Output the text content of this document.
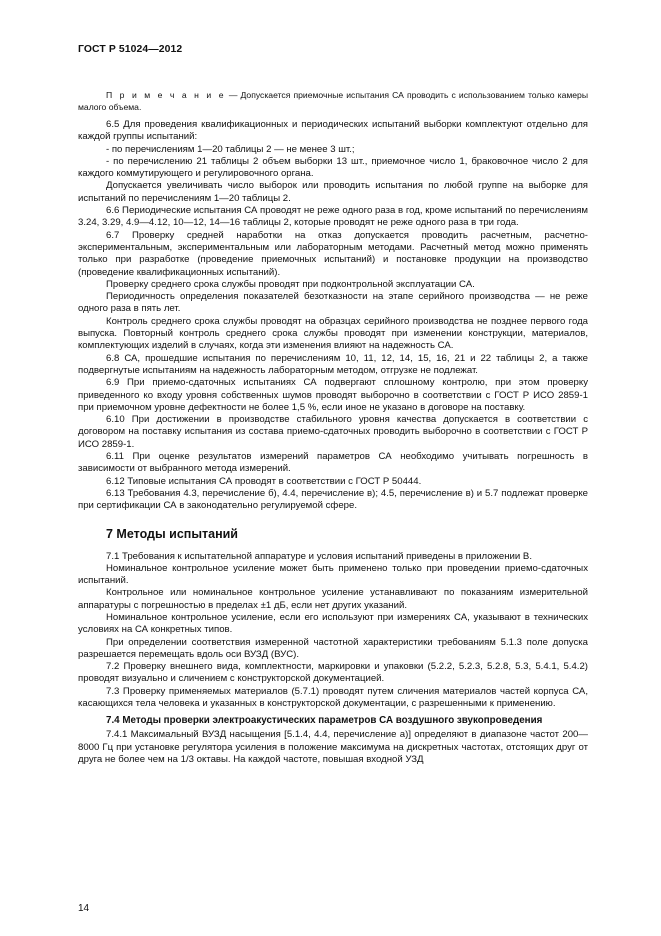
ГОСТ Р 51024—2012

П р и м е ч а н и е — Допускается приемочные испытания СА проводить с использованием только камеры малого объема.

6.5 Для проведения квалификационных и периодических испытаний выборки комплектуют отдельно для каждой группы испытаний:

- по перечислениям 1—20 таблицы 2 — не менее 3 шт.;

- по перечислению 21 таблицы 2 объем выборки 13 шт., приемочное число 1, браковочное число 2 для каждого коммутирующего и регулировочного органа.

Допускается увеличивать число выборок или проводить испытания по любой группе на выборке для испытаний по перечислениям 1—20 таблицы 2.

6.6 Периодические испытания СА проводят не реже одного раза в год, кроме испытаний по перечислениям 3.24, 3.29, 4.9—4.12, 10—12, 14—16 таблицы 2, которые проводят не реже одного раза в три года.

6.7 Проверку средней наработки на отказ допускается проводить расчетным, расчетно-экспериментальным, экспериментальным или лабораторным методами. Расчетный метод можно применять только при разработке (проведение приемочных испытаний) и постановке продукции на производство (проведение квалификационных испытаний).

Проверку среднего срока службы проводят при подконтрольной эксплуатации СА.

Периодичность определения показателей безотказности на этапе серийного производства — не реже одного раза в пять лет.

Контроль среднего срока службы проводят на образцах серийного производства не позднее первого года выпуска. Повторный контроль среднего срока службы проводят при изменении конструкции, материалов, комплектующих изделий в случаях, когда эти изменения влияют на надежность СА.

6.8 СА, прошедшие испытания по перечислениям 10, 11, 12, 14, 15, 16, 21 и 22 таблицы 2, а также подвергнутые испытаниям на надежность лабораторным методом, отгрузке не подлежат.

6.9 При приемо-сдаточных испытаниях СА подвергают сплошному контролю, при этом проверку приведенного ко входу уровня собственных шумов проводят выборочно в соответствии с ГОСТ Р ИСО 2859-1 при приемочном уровне дефектности не более 1,5 %, если иное не указано в договоре на поставку.

6.10 При достижении в производстве стабильного уровня качества допускается в соответствии с договором на поставку испытания из состава приемо-сдаточных проводить выборочно в соответствии с ГОСТ Р ИСО 2859-1.

6.11 При оценке результатов измерений параметров СА необходимо учитывать погрешность в зависимости от выбранного метода измерений.

6.12 Типовые испытания СА проводят в соответствии с ГОСТ Р 50444.

6.13 Требования 4.3, перечисление б), 4.4, перечисление в); 4.5, перечисление в) и 5.7 подлежат проверке при сертификации СА в законодательно регулируемой сфере.

7 Методы испытаний

7.1 Требования к испытательной аппаратуре и условия испытаний приведены в приложении В.

Номинальное контрольное усиление может быть применено только при проведении приемо-сдаточных испытаний.

Контрольное или номинальное контрольное усиление устанавливают по показаниям измерительной аппаратуры с погрешностью в пределах ±1 дБ, если нет других указаний.

Номинальное контрольное усиление, если его используют при измерениях СА, указывают в технических условиях на СА конкретных типов.

При определении соответствия измеренной частотной характеристики требованиям 5.1.3 поле допуска разрешается перемещать вдоль оси ВУЗД (ВУС).

7.2 Проверку внешнего вида, комплектности, маркировки и упаковки (5.2.2, 5.2.3, 5.2.8, 5.3, 5.4.1, 5.4.2) проводят визуально и сличением с конструкторской документацией.

7.3 Проверку применяемых материалов (5.7.1) проводят путем сличения материалов частей корпуса СА, касающихся тела человека и указанных в конструкторской документации, с разрешенными к применению.

7.4 Методы проверки электроакустических параметров СА воздушного звукопроведения

7.4.1 Максимальный ВУЗД насыщения [5.1.4, 4.4, перечисление а)] определяют в диапазоне частот 200—8000 Гц при установке регулятора усиления в положение максимума на дискретных частотах, отстоящих друг от друга не более чем на 1/3 октавы. На каждой частоте, повышая входной УЗД

14
